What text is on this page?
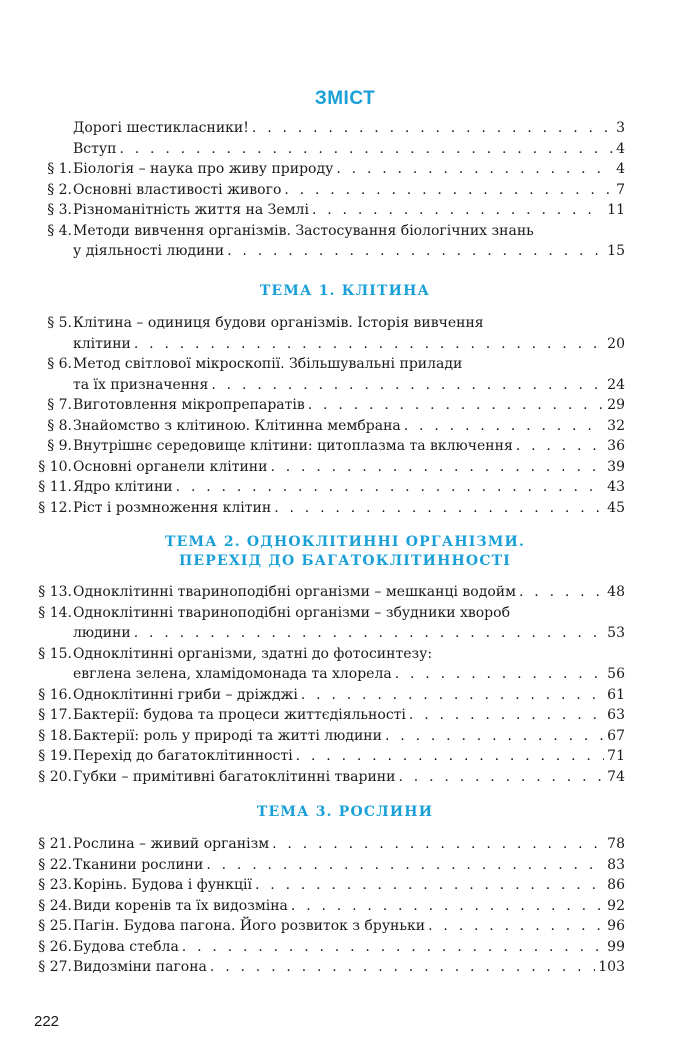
ЗМІСТ
Дорогі шестикласники! . . .	3
Вступ . . .	4
§ 1. Біологія – наука про живу природу . . .	4
§ 2. Основні властивості живого . . .	7
§ 3. Різноманітність життя на Землі . . .	11
§ 4. Методи вивчення організмів. Застосування біологічних знань
у діяльності людини . . .	15
ТЕМА 1. КЛІТИНА
§ 5. Клітина – одиниця будови організмів. Історія вивчення
клітини . . .	20
§ 6. Метод світлової мікроскопії. Збільшувальні прилади
та їх призначення . . .	24
§ 7. Виготовлення мікропрепаратів . . .	29
§ 8. Знайомство з клітиною. Клітинна мембрана . . .	32
§ 9. Внутрішнє середовище клітини: цитоплазма та включення . . .	36
§ 10. Основні органели клітини . . .	39
§ 11. Ядро клітини . . .	43
§ 12. Ріст і розмноження клітин . . .	45
ТЕМА 2. ОДНОКЛІТИННІ ОРГАНІЗМИ.
ПЕРЕХІД ДО БАГАТОКЛІТИННОСТІ
§ 13. Одноклітинні твариноподібні організми – мешканці водойм . . .	48
§ 14. Одноклітинні твариноподібні організми – збудники хвороб
людини . . .	53
§ 15. Одноклітинні організми, здатні до фотосинтезу:
евглена зелена, хламідомонада та хлорела . . .	56
§ 16. Одноклітинні гриби – дріжджі . . .	61
§ 17. Бактерії: будова та процеси життєдіяльності . . .	63
§ 18. Бактерії: роль у природі та житті людини . . .	67
§ 19. Перехід до багатоклітинності . . .	71
§ 20. Губки – примітивні багатоклітинні тварини . . .	74
ТЕМА 3. РОСЛИНИ
§ 21. Рослина – живий організм . . .	78
§ 22. Тканини рослини . . .	83
§ 23. Корінь. Будова і функції . . .	86
§ 24. Види коренів та їх видозміна . . .	92
§ 25. Пагін. Будова пагона. Його розвиток з бруньки . . .	96
§ 26. Будова стебла . . .	99
§ 27. Видозміни пагона . . .	103
222
